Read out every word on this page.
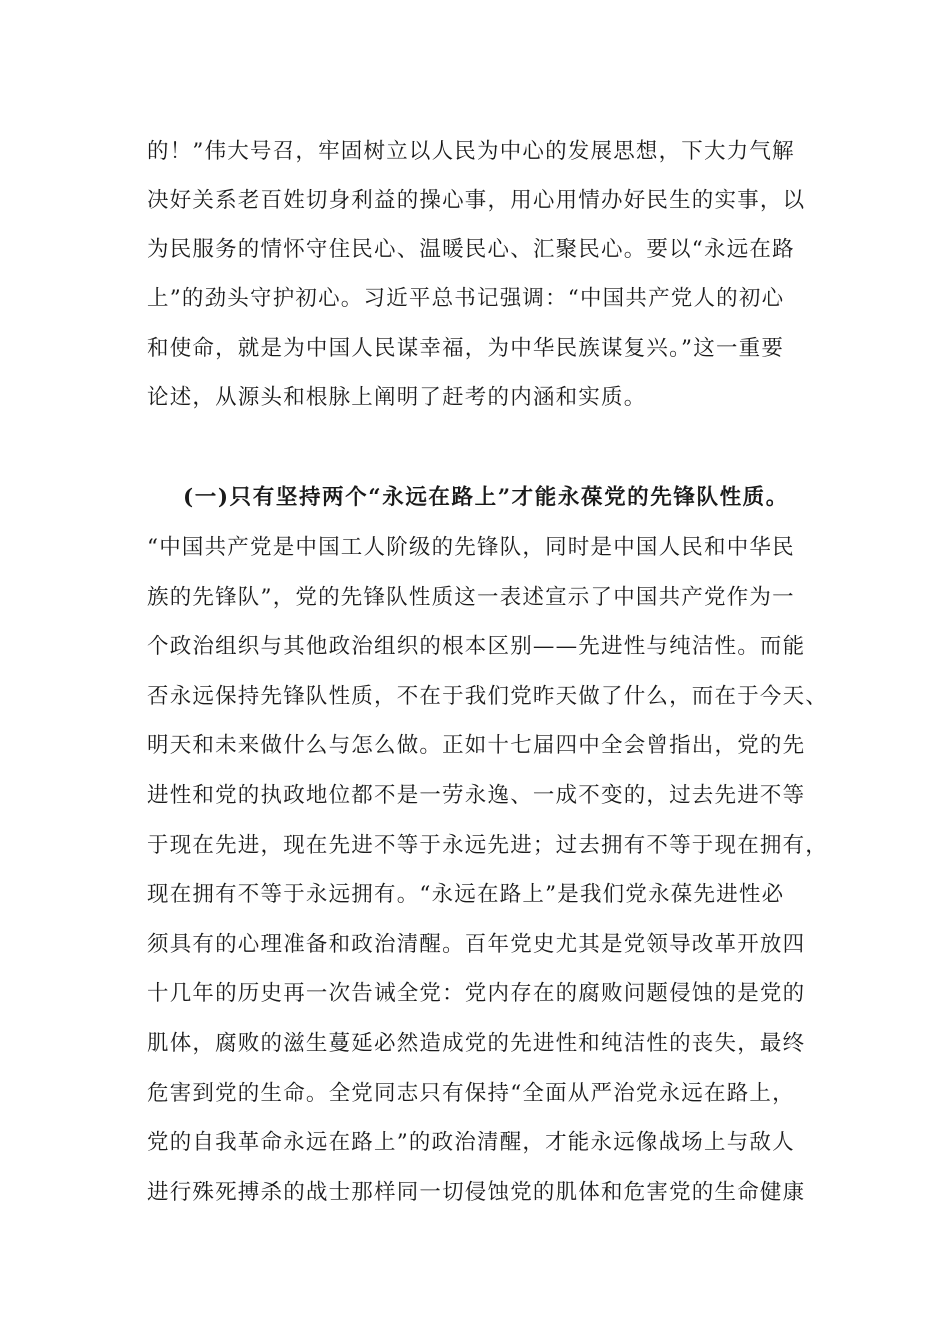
的！”伟大号召，牢固树立以人民为中心的发展思想，下大力气解
决好关系老百姓切身利益的操心事，用心用情办好民生的实事，以
为民服务的情怀守住民心、温暖民心、汇聚民心。要以“永远在路
上”的劲头守护初心。习近平总书记强调：“中国共产党人的初心
和使命，就是为中国人民谋幸福，为中华民族谋复兴。”这一重要
论述，从源头和根脉上阐明了赶考的内涵和实质。
(一)只有坚持两个“永远在路上”才能永葆党的先锋队性质。
“中国共产党是中国工人阶级的先锋队，同时是中国人民和中华民
族的先锋队”，党的先锋队性质这一表述宣示了中国共产党作为一
个政治组织与其他政治组织的根本区别——先进性与纯洁性。而能
否永远保持先锋队性质，不在于我们党昨天做了什么，而在于今天、
明天和未来做什么与怎么做。正如十七届四中全会曾指出，党的先
进性和党的执政地位都不是一劳永逸、一成不变的，过去先进不等
于现在先进，现在先进不等于永远先进；过去拥有不等于现在拥有，
现在拥有不等于永远拥有。“永远在路上”是我们党永葆先进性必
须具有的心理准备和政治清醒。百年党史尤其是党领导改革开放四
十几年的历史再一次告诫全党：党内存在的腐败问题侵蚀的是党的
肌体，腐败的滋生蔓延必然造成党的先进性和纯洁性的丧失，最终
危害到党的生命。全党同志只有保持“全面从严治党永远在路上，
党的自我革命永远在路上”的政治清醒，才能永远像战场上与敌人
进行殊死搏杀的战士那样同一切侵蚀党的肌体和危害党的生命健康
